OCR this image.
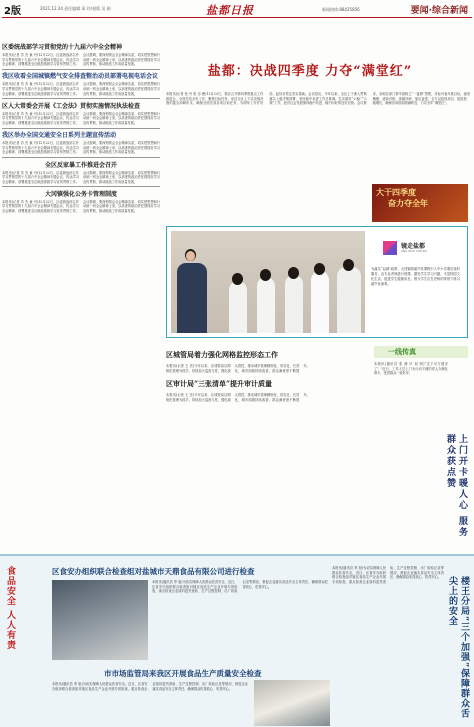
2版	2021.12.24 责任编辑 章 玲/视版 吴 娟	盐都日报	新闻热线:88425856	要闻·综合新闻
区委统战部学习贯彻党的十九届六中全会精神
本报讯(记者 苏 杰 童 丹)12月22日，区委统战部召开学习贯彻党的十九届六中全会精神专题会议，传达学习全会精神，部署推进全区统战系统学习宣传贯彻工作。会议强调，要深刻领会全会精神实质，切实把思想和行动统一到全会精神上来，以高度的政治责任感抓好学习宣传贯彻，推动统战工作高质量发展。
我区收看全国城镇燃气安全排查整治动员部署电视电话会议
本报讯(记者 苏 杰 童 丹)12月22日，区委统战部召开学习贯彻党的十九届六中全会精神专题会议，传达学习全会精神，部署推进全区统战系统学习宣传贯彻工作。会议强调，要深刻领会全会精神实质，切实把思想和行动统一到全会精神上来，以高度的政治责任感抓好学习宣传贯彻，推动统战工作高质量发展。
区人大常委会开展《工会法》贯彻实施情况执法检查
本报讯(记者 苏 杰 童 丹)12月22日，区委统战部召开学习贯彻党的十九届六中全会精神专题会议，传达学习全会精神，部署推进全区统战系统学习宣传贯彻工作。会议强调，要深刻领会全会精神实质，切实把思想和行动统一到全会精神上来，以高度的政治责任感抓好学习宣传贯彻，推动统战工作高质量发展。
我区举办全国交通安全日系列主题宣传活动
本报讯(记者 苏 杰 童 丹)12月22日，区委统战部召开学习贯彻党的十九届六中全会精神专题会议，传达学习全会精神，部署推进全区统战系统学习宣传贯彻工作。会议强调，要深刻领会全会精神实质，切实把思想和行动统一到全会精神上来，以高度的政治责任感抓好学习宣传贯彻，推动统战工作高质量发展。
全区反家暴工作推进会召开
本报讯(记者 苏 杰 童 丹)12月22日，区委统战部召开学习贯彻党的十九届六中全会精神专题会议，传达学习全会精神，部署推进全区统战系统学习宣传贯彻工作。会议强调，要深刻领会全会精神实质，切实把思想和行动统一到全会精神上来，以高度的政治责任感抓好学习宣传贯彻，推动统战工作高质量发展。
大冈镇强化公务卡管理制度
本报讯(记者 苏 杰 童 丹)12月22日，区委统战部召开学习贯彻党的十九届六中全会精神专题会议，传达学习全会精神，部署推进全区统战系统学习宣传贯彻工作。会议强调，要深刻领会全会精神实质，切实把思想和行动统一到全会精神上来，以高度的政治责任感抓好学习宣传贯彻，推动统战工作高质量发展。
盐都：决战四季度 力夺“满堂红”
本报讯(记者 张 丹 张 亦 俊)12月23日，我区召开第四季度重点工作推进会，全面总结全年工作，聚焦目标任务，动员全区上下以决战决胜的姿态冲刺年末，确保全面完成各项目标任务，为明年工作开好局、起好步奠定坚实基础。会议指出，今年以来，全区上下深入贯彻落实上级决策部署，坚持稳中求进工作总基调，扎实做好“六稳”“六保”工作，经济社会发展保持稳中有进、稳中向好的良好态势。会议要求，各地各部门要牢固树立“一盘棋”思想，对标对表年度目标，逐项梳理、逐条对账，查漏补缺、加压奋进，全力以赴抓项目、促投资、稳增长，确保各项指标圆满收官，力夺全年“满堂红”。
大干四季度
奋力夺全年
镜走盐都
JING ZOU YAN DU
为落实“双减”政策，大冈镇将葫芦丝课程引入中小学课后延时服务，由专业老师进行授课，激发学生学习兴趣，丰富校园文化生活，促进学生健康成长。图为学生们在老师的带领下练习葫芦丝演奏。
区城管局着力强化网格监控形态工作
本报讯(记者 王 亮)今年以来，区城管局以网格化管理为抓手，持续加大巡查力度，强化源头管控，推动城市管理精细化、常态化、长效化，城市面貌持续改善，群众满意度不断提升。
区审计局“三张清单”提升审计质量
本报讯(记者 王 亮)今年以来，区城管局以网格化管理为抓手，持续加大巡查力度，强化源头管控，推动城市管理精细化、常态化、长效化，城市面貌持续改善，群众满意度不断提升。
一线传真
本报讯(通讯员 张 静 庐 何 明)“这下可方便多了！”近日，工作人员上门为行动不便的老人办理社保卡，受到群众一致好评。
上门开卡暖人心 服务群众获点赞
食品安全 人人有责	区食安办组织联合检查组对盐城市天鼎食品有限公司进行检查
本报讯(通讯员 李 旭)为切实保障人民群众饮食安全，近日，区食安办组织联合检查组对辖区食品生产企业开展专项检查，重点检查企业原料进货查验、生产过程控制、出厂检验记录等情况，督促企业落实食品安全主体责任，确保群众吃得放心、吃得安心。
市市场监管局来我区开展食品生产质量安全检查
本报讯(通讯员 李 旭)为切实保障人民群众饮食安全，近日，区食安办组织联合检查组对辖区食品生产企业开展专项检查，重点检查企业原料进货查验、生产过程控制、出厂检验记录等情况，督促企业落实食品安全主体责任，确保群众吃得放心、吃得安心。
本报讯(通讯员 李 旭)为切实保障人民群众饮食安全，近日，区食安办组织联合检查组对辖区食品生产企业开展专项检查，重点检查企业原料进货查验、生产过程控制、出厂检验记录等情况，督促企业落实食品安全主体责任，确保群众吃得放心、吃得安心。	楼王分局“三个加强”保障群众舌尖上的安全
